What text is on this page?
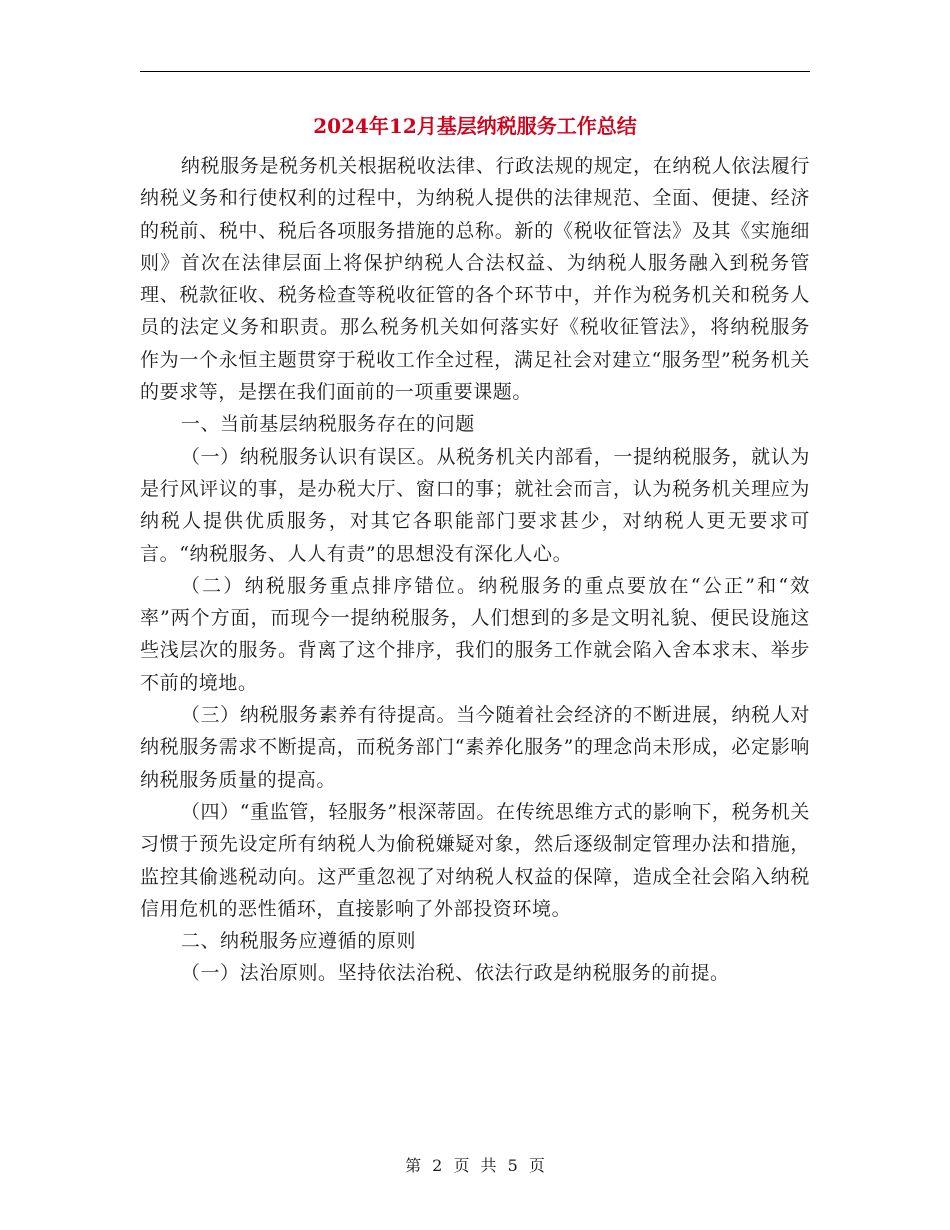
2024年12月基层纳税服务工作总结

纳税服务是税务机关根据税收法律、行政法规的规定，在纳税人依法履行纳税义务和行使权利的过程中，为纳税人提供的法律规范、全面、便捷、经济的税前、税中、税后各项服务措施的总称。新的《税收征管法》及其《实施细则》首次在法律层面上将保护纳税人合法权益、为纳税人服务融入到税务管理、税款征收、税务检查等税收征管的各个环节中，并作为税务机关和税务人员的法定义务和职责。那么税务机关如何落实好《税收征管法》，将纳税服务作为一个永恒主题贯穿于税收工作全过程，满足社会对建立“服务型”税务机关的要求等，是摆在我们面前的一项重要课题。

一、当前基层纳税服务存在的问题

（一）纳税服务认识有误区。从税务机关内部看，一提纳税服务，就认为是行风评议的事，是办税大厅、窗口的事；就社会而言，认为税务机关理应为纳税人提供优质服务，对其它各职能部门要求甚少，对纳税人更无要求可言。“纳税服务、人人有责”的思想没有深化人心。

（二）纳税服务重点排序错位。纳税服务的重点要放在“公正”和“效率”两个方面，而现今一提纳税服务，人们想到的多是文明礼貌、便民设施这些浅层次的服务。背离了这个排序，我们的服务工作就会陷入舍本求末、举步不前的境地。

（三）纳税服务素养有待提高。当今随着社会经济的不断进展，纳税人对纳税服务需求不断提高，而税务部门“素养化服务”的理念尚未形成，必定影响纳税服务质量的提高。

（四）“重监管，轻服务”根深蒂固。在传统思维方式的影响下，税务机关习惯于预先设定所有纳税人为偷税嫌疑对象，然后逐级制定管理办法和措施，监控其偷逃税动向。这严重忽视了对纳税人权益的保障，造成全社会陷入纳税信用危机的恶性循环，直接影响了外部投资环境。

二、纳税服务应遵循的原则

（一）法治原则。坚持依法治税、依法行政是纳税服务的前提。

第 2 页 共 5 页
